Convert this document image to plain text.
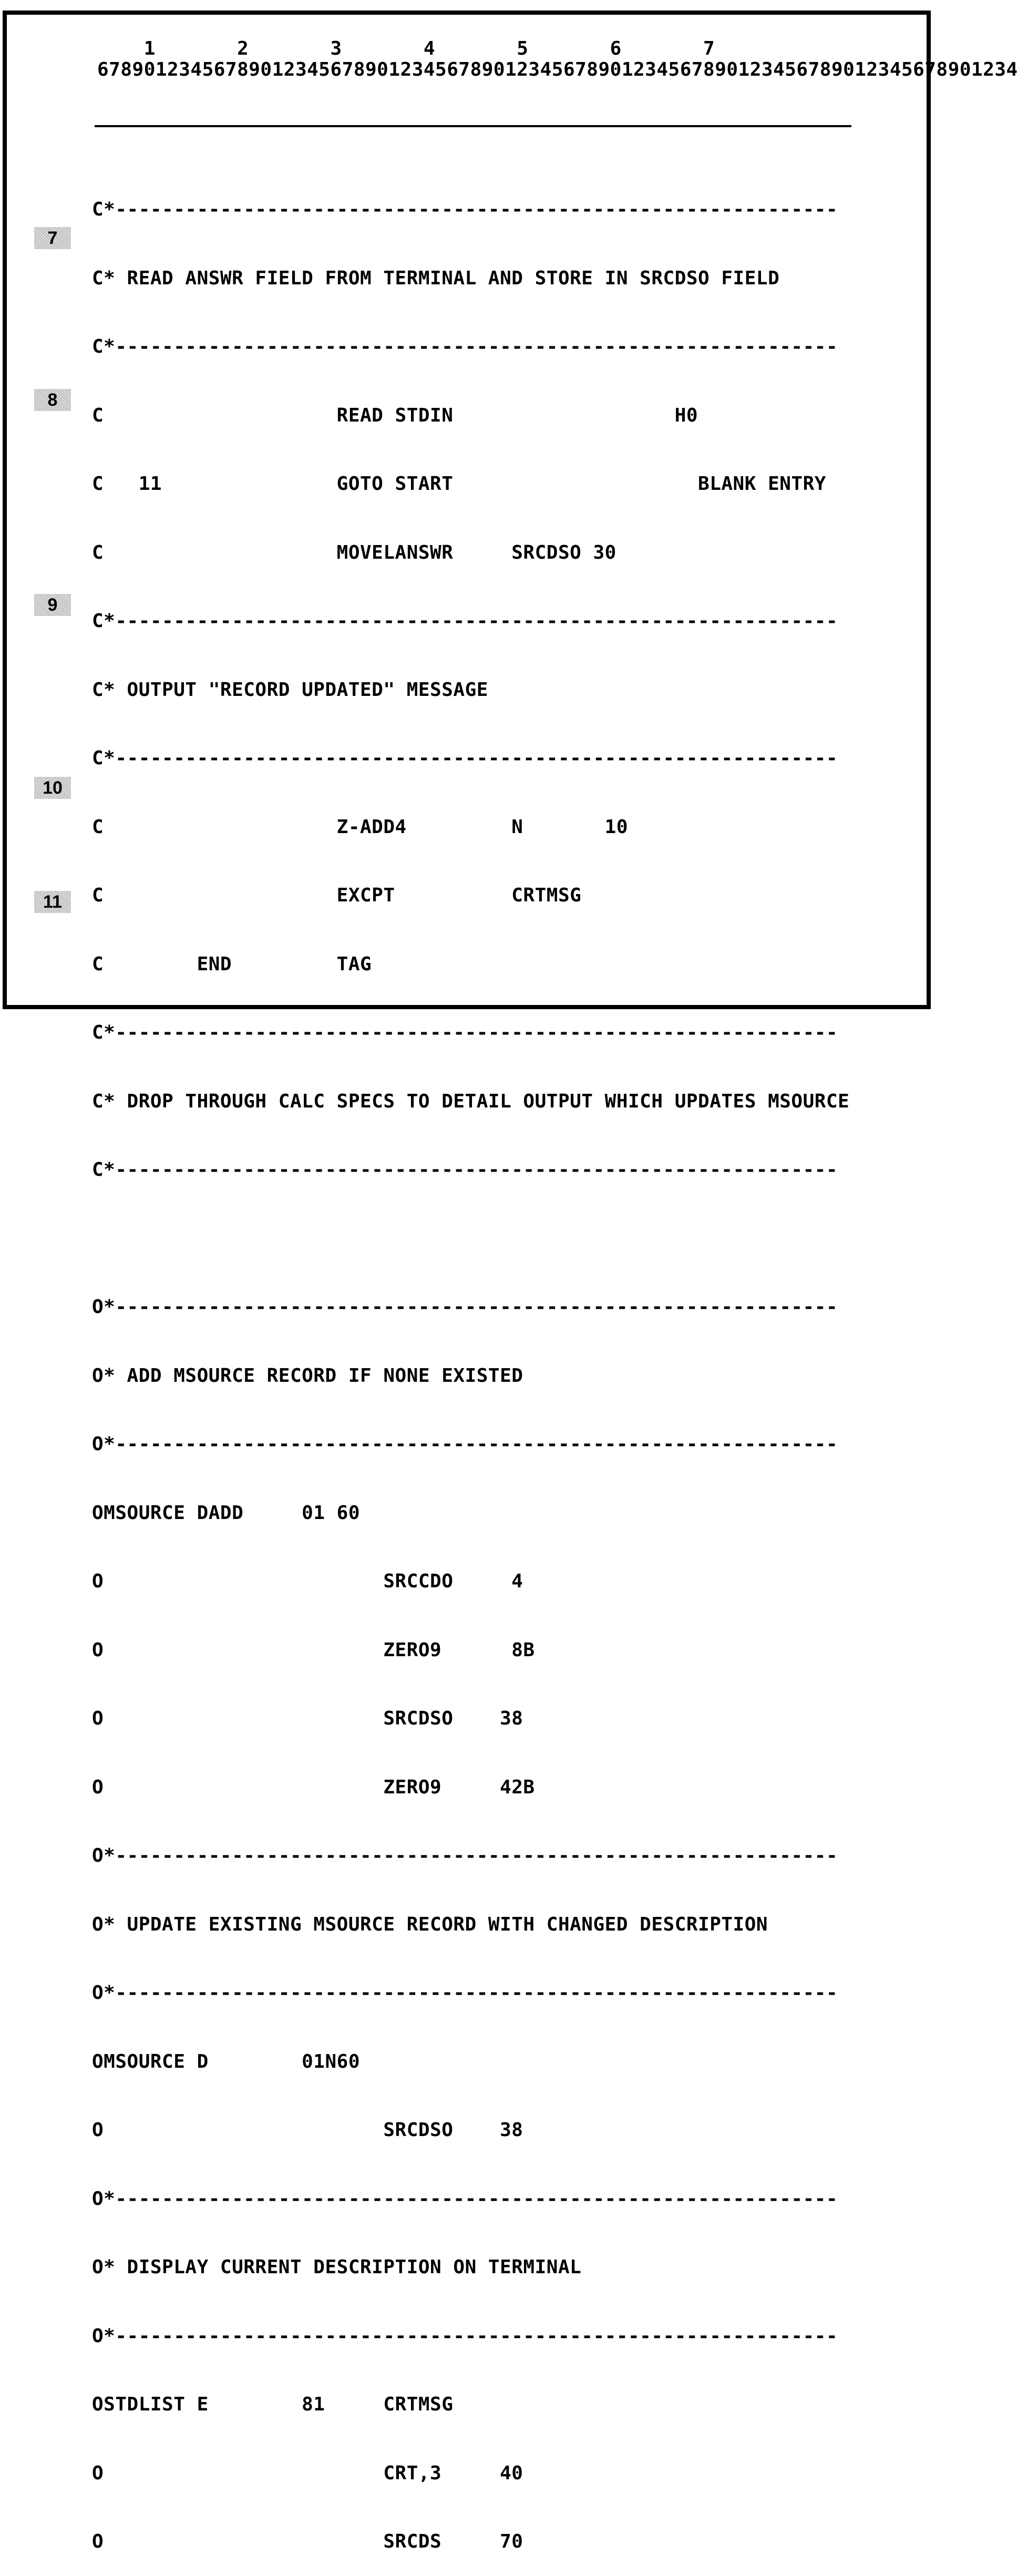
1       2       3       4       5       6       7
6789012345678901234567890123456789012345678901234567890123456789012345678901234
7
8
9
10
11

C*--------------------------------------------------------------

C* READ ANSWR FIELD FROM TERMINAL AND STORE IN SRCDSO FIELD

C*--------------------------------------------------------------

C                    READ STDIN                   H0

C   11               GOTO START                     BLANK ENTRY

C                    MOVELANSWR     SRCDSO 30

C*--------------------------------------------------------------

C* OUTPUT "RECORD UPDATED" MESSAGE

C*--------------------------------------------------------------

C                    Z-ADD4         N       10

C                    EXCPT          CRTMSG

C        END         TAG

C*--------------------------------------------------------------

C* DROP THROUGH CALC SPECS TO DETAIL OUTPUT WHICH UPDATES MSOURCE

C*--------------------------------------------------------------

O*--------------------------------------------------------------

O* ADD MSOURCE RECORD IF NONE EXISTED

O*--------------------------------------------------------------

OMSOURCE DADD     01 60

O                        SRCCDO     4

O                        ZERO9      8B

O                        SRCDSO    38

O                        ZERO9     42B

O*--------------------------------------------------------------

O* UPDATE EXISTING MSOURCE RECORD WITH CHANGED DESCRIPTION

O*--------------------------------------------------------------

OMSOURCE D        01N60

O                        SRCDSO    38

O*--------------------------------------------------------------

O* DISPLAY CURRENT DESCRIPTION ON TERMINAL

O*--------------------------------------------------------------

OSTDLIST E        81     CRTMSG

O                        CRT,3     40

O                        SRCDS     70
